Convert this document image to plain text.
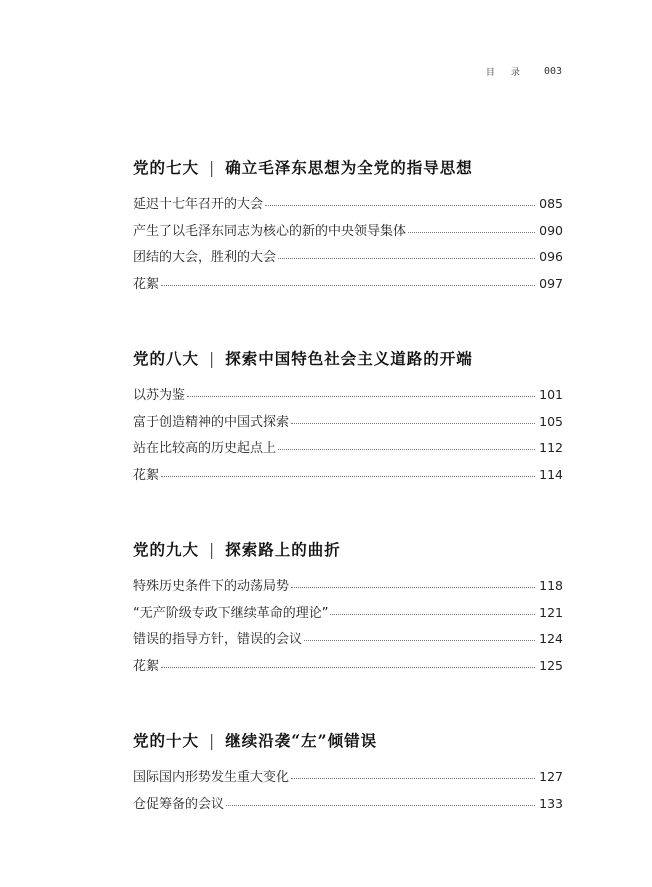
目录 003
党的七大 | 确立毛泽东思想为全党的指导思想
延迟十七年召开的大会	085
产生了以毛泽东同志为核心的新的中央领导集体	090
团结的大会，胜利的大会	096
花絮	097
党的八大 | 探索中国特色社会主义道路的开端
以苏为鉴	101
富于创造精神的中国式探索	105
站在比较高的历史起点上	112
花絮	114
党的九大 | 探索路上的曲折
特殊历史条件下的动荡局势	118
“无产阶级专政下继续革命的理论”	121
错误的指导方针，错误的会议	124
花絮	125
党的十大 | 继续沿袭“左”倾错误
国际国内形势发生重大变化	127
仓促筹备的会议	133
